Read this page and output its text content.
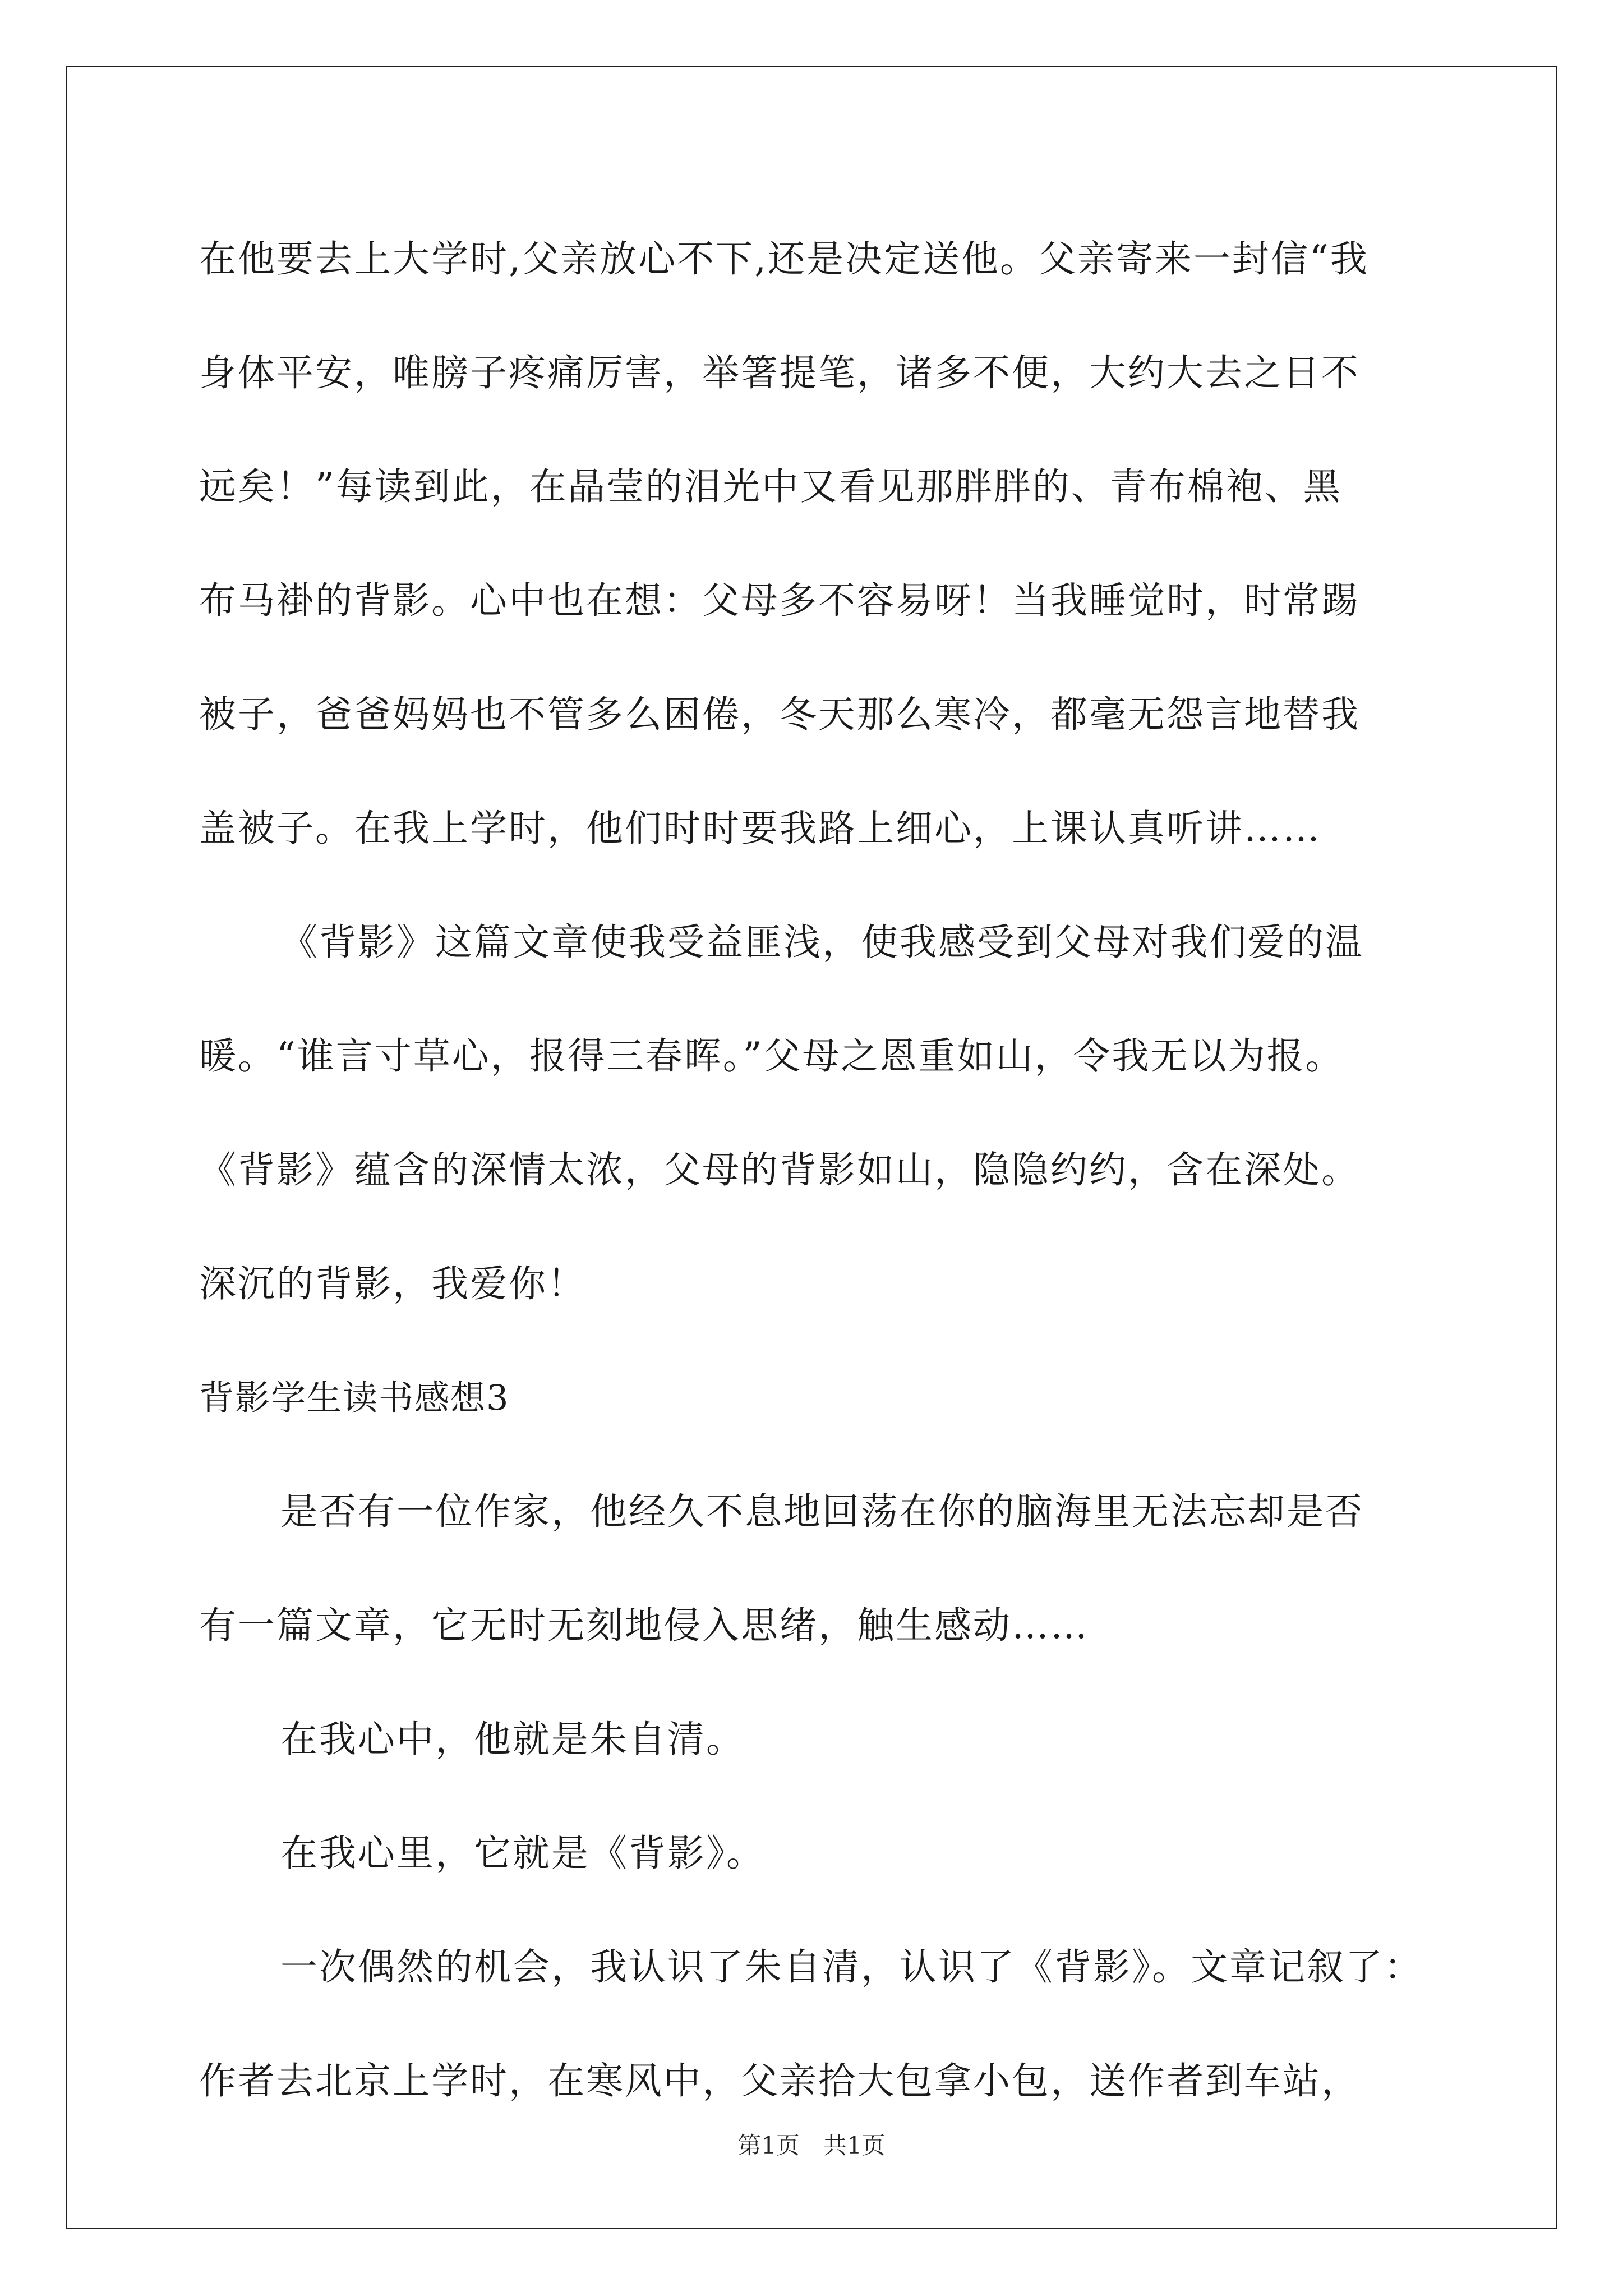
在他要去上大学时,父亲放心不下,还是决定送他。父亲寄来一封信“我
身体平安，唯膀子疼痛厉害，举箸提笔，诸多不便，大约大去之日不
远矣！”每读到此，在晶莹的泪光中又看见那胖胖的、青布棉袍、黑
布马褂的背影。心中也在想：父母多不容易呀！当我睡觉时，时常踢
被子，爸爸妈妈也不管多么困倦，冬天那么寒冷，都毫无怨言地替我
盖被子。在我上学时，他们时时要我路上细心，上课认真听讲……
《背影》这篇文章使我受益匪浅，使我感受到父母对我们爱的温
暖。“谁言寸草心，报得三春晖。”父母之恩重如山，令我无以为报。
《背影》蕴含的深情太浓，父母的背影如山，隐隐约约，含在深处。
深沉的背影，我爱你！
背影学生读书感想3
是否有一位作家，他经久不息地回荡在你的脑海里无法忘却是否
有一篇文章，它无时无刻地侵入思绪，触生感动……
在我心中，他就是朱自清。
在我心里，它就是《背影》。
一次偶然的机会，我认识了朱自清，认识了《背影》。文章记叙了：
作者去北京上学时，在寒风中，父亲拾大包拿小包，送作者到车站，
第1页　共1页
